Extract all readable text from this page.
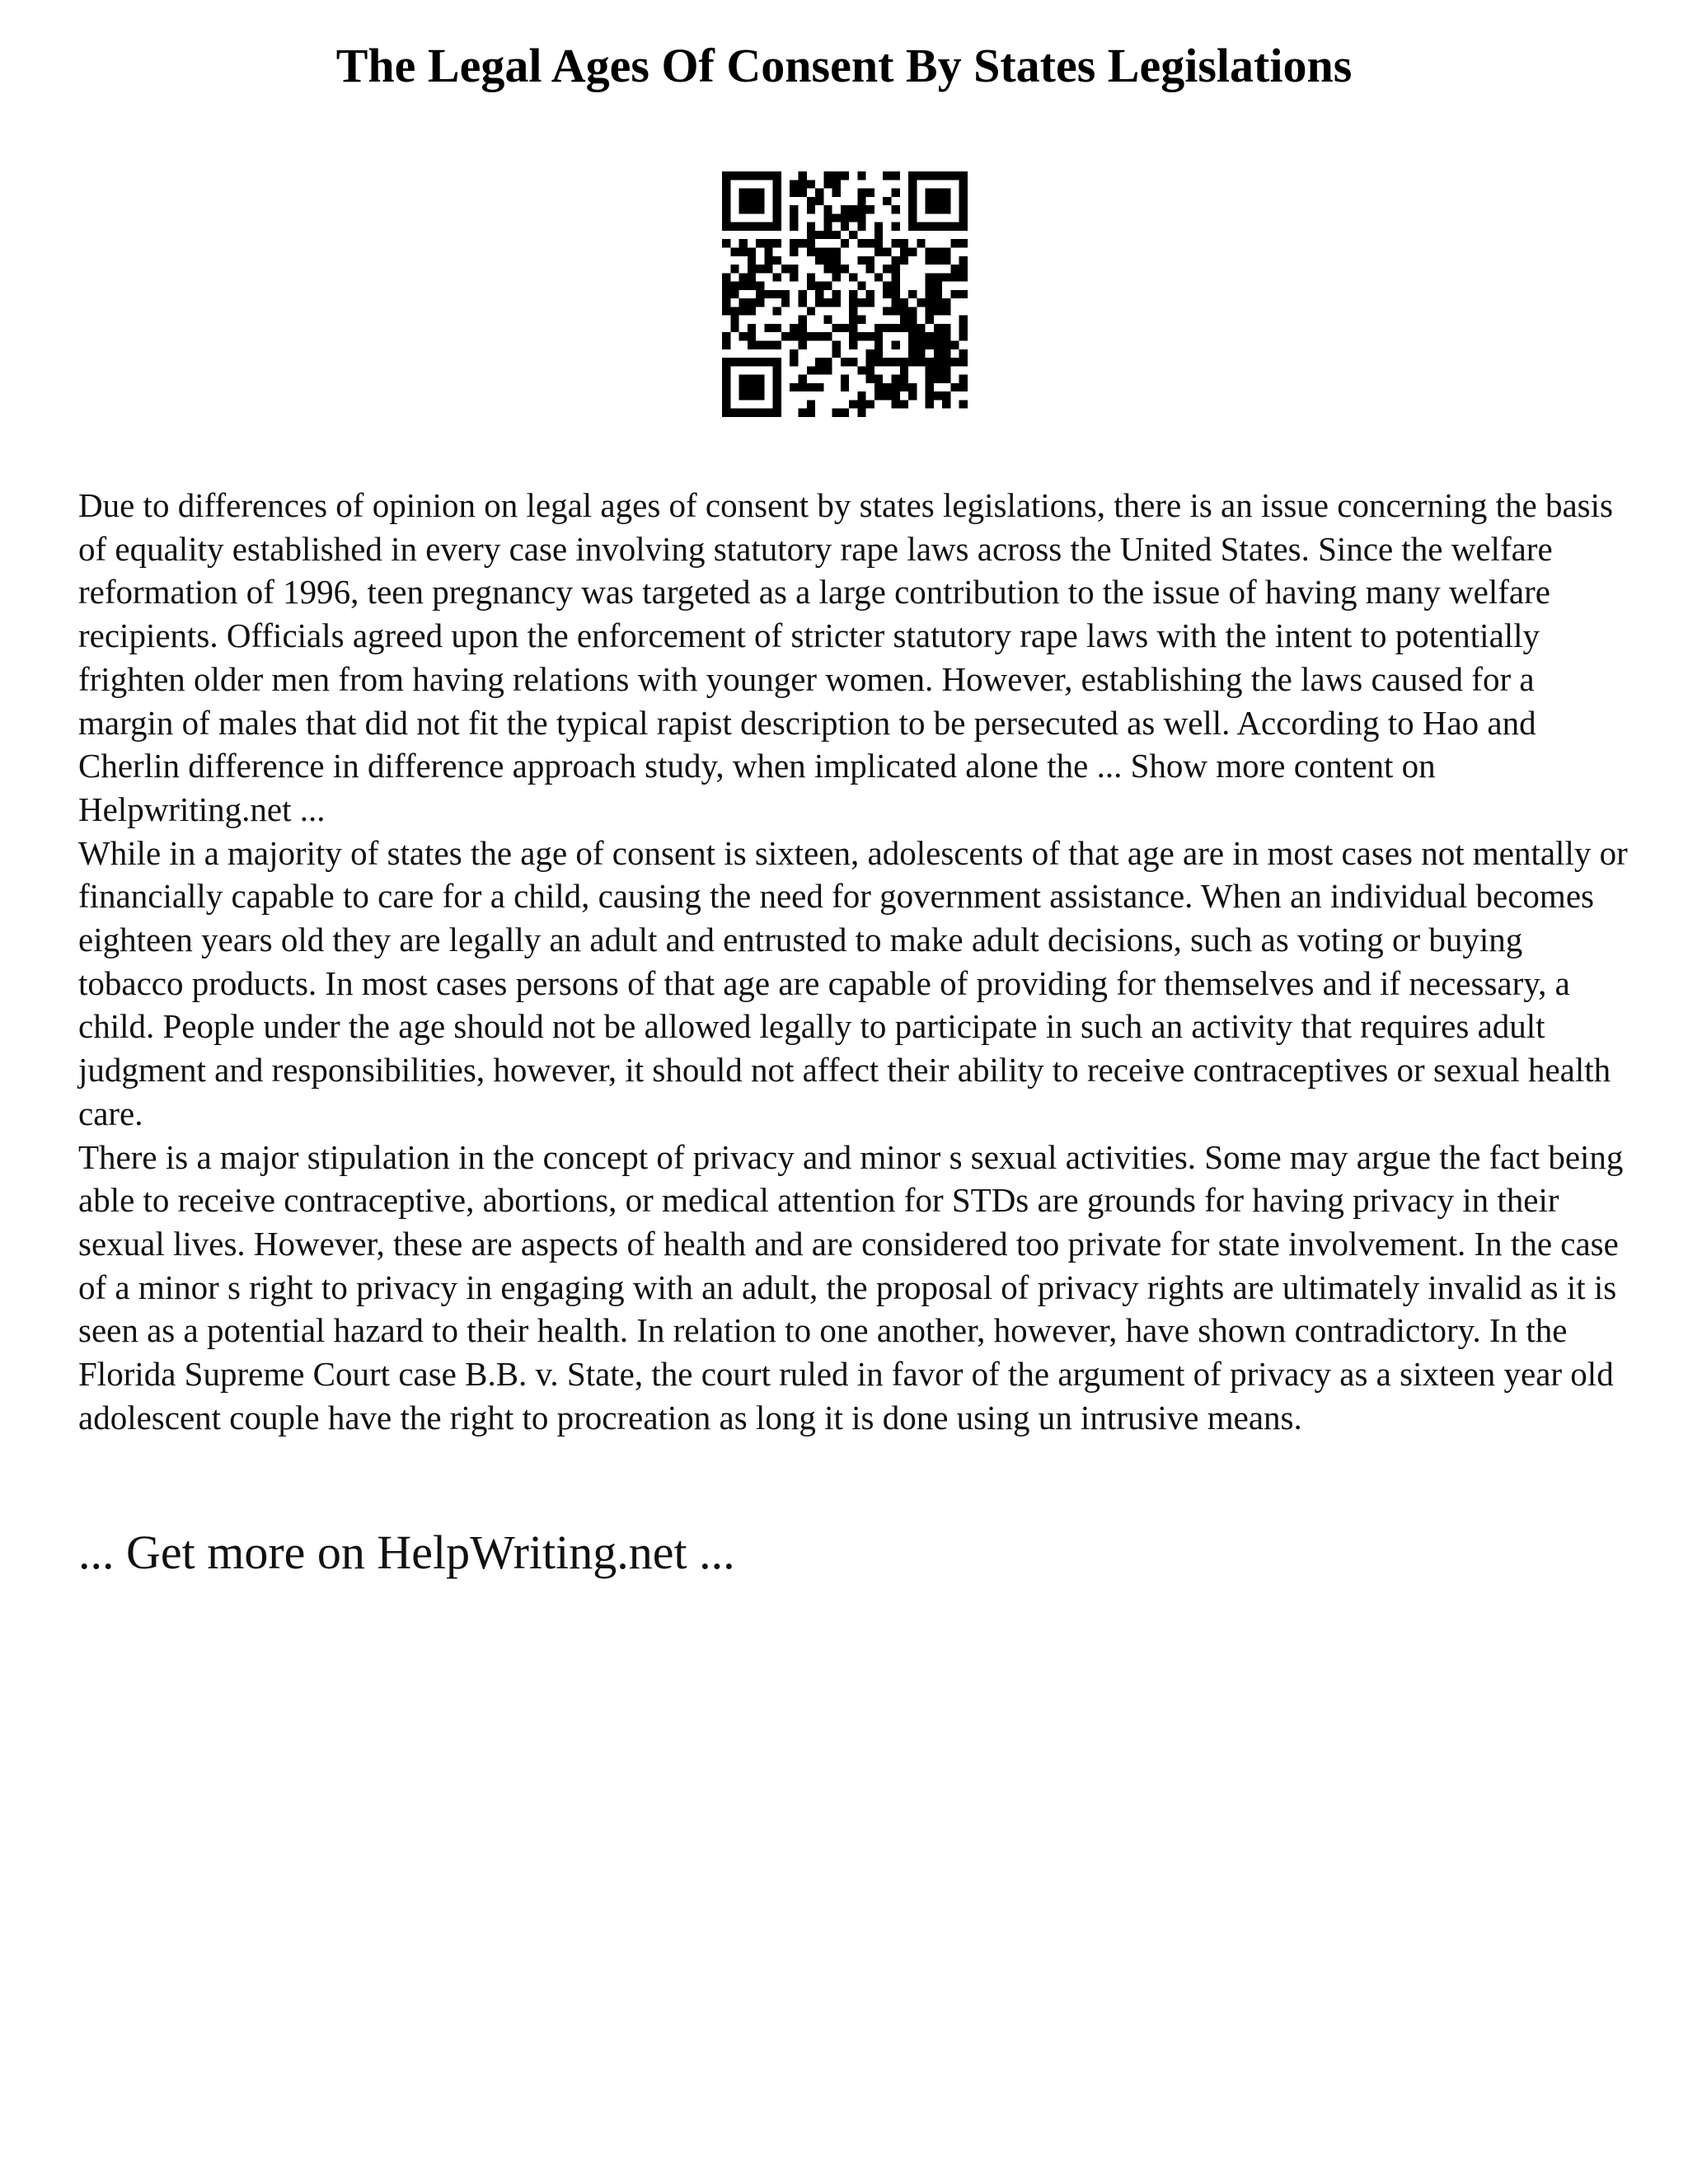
The Legal Ages Of Consent By States Legislations

Due to differences of opinion on legal ages of consent by states legislations, there is an issue concerning the basis of equality established in every case involving statutory rape laws across the United States. Since the welfare reformation of 1996, teen pregnancy was targeted as a large contribution to the issue of having many welfare recipients. Officials agreed upon the enforcement of stricter statutory rape laws with the intent to potentially frighten older men from having relations with younger women. However, establishing the laws caused for a margin of males that did not fit the typical rapist description to be persecuted as well. According to Hao and Cherlin difference in difference approach study, when implicated alone the ... Show more content on Helpwriting.net ...

While in a majority of states the age of consent is sixteen, adolescents of that age are in most cases not mentally or financially capable to care for a child, causing the need for government assistance. When an individual becomes eighteen years old they are legally an adult and entrusted to make adult decisions, such as voting or buying tobacco products. In most cases persons of that age are capable of providing for themselves and if necessary, a child. People under the age should not be allowed legally to participate in such an activity that requires adult judgment and responsibilities, however, it should not affect their ability to receive contraceptives or sexual health care.

There is a major stipulation in the concept of privacy and minor s sexual activities. Some may argue the fact being able to receive contraceptive, abortions, or medical attention for STDs are grounds for having privacy in their sexual lives. However, these are aspects of health and are considered too private for state involvement. In the case of a minor s right to privacy in engaging with an adult, the proposal of privacy rights are ultimately invalid as it is seen as a potential hazard to their health. In relation to one another, however, have shown contradictory. In the Florida Supreme Court case B.B. v. State, the court ruled in favor of the argument of privacy as a sixteen year old adolescent couple have the right to procreation as long it is done using un intrusive means.

... Get more on HelpWriting.net ...
